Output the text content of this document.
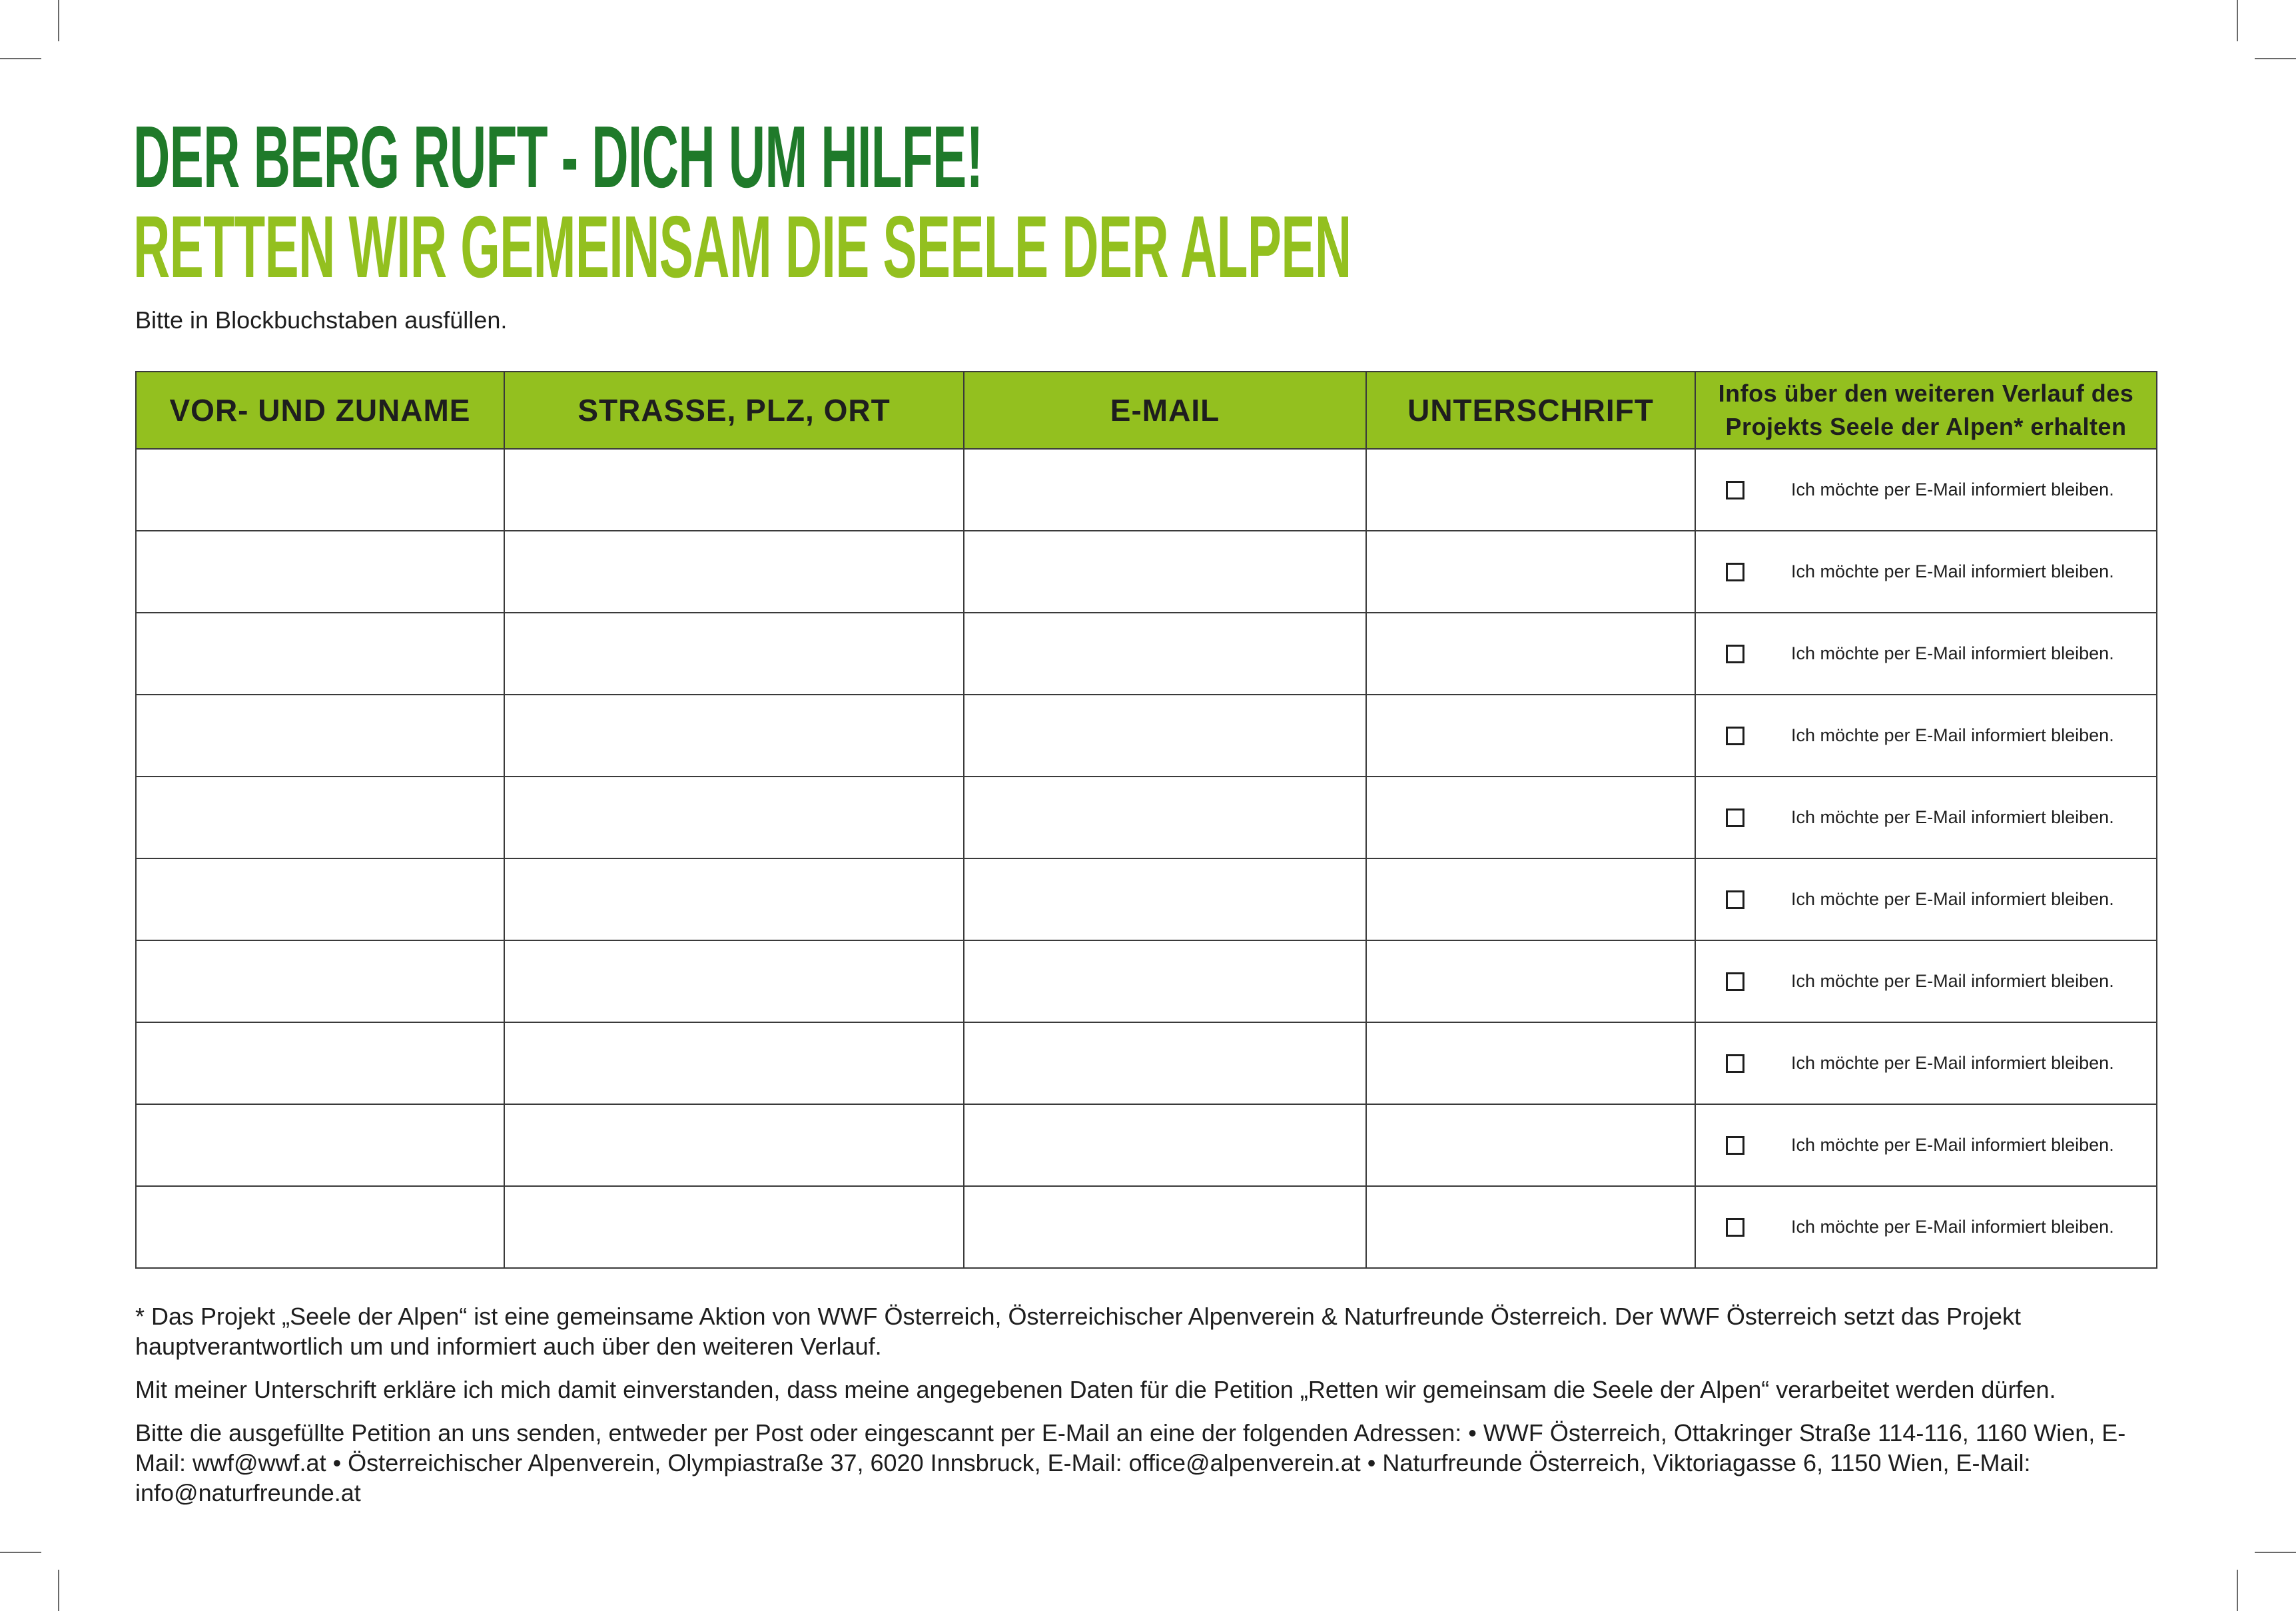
DER BERG RUFT - DICH UM HILFE!
RETTEN WIR GEMEINSAM DIE SEELE DER ALPEN
Bitte in Blockbuchstaben ausfüllen.
VOR- UND ZUNAME	STRASSE, PLZ, ORT	E-MAIL	UNTERSCHRIFT	Infos über den weiteren Verlauf des Projekts Seele der Alpen* erhalten

				Ich möchte per E-Mail informiert bleiben.

				Ich möchte per E-Mail informiert bleiben.

				Ich möchte per E-Mail informiert bleiben.

				Ich möchte per E-Mail informiert bleiben.

				Ich möchte per E-Mail informiert bleiben.

				Ich möchte per E-Mail informiert bleiben.

				Ich möchte per E-Mail informiert bleiben.

				Ich möchte per E-Mail informiert bleiben.

				Ich möchte per E-Mail informiert bleiben.

				Ich möchte per E-Mail informiert bleiben.

* Das Projekt „Seele der Alpen“ ist eine gemeinsame Aktion von WWF Österreich, Österreichischer Alpenverein & Naturfreunde Österreich. Der WWF Österreich setzt das Projekt hauptverantwortlich um und informiert auch über den weiteren Verlauf.

Mit meiner Unterschrift erkläre ich mich damit einverstanden, dass meine angegebenen Daten für die Petition „Retten wir gemeinsam die Seele der Alpen“ verarbeitet werden dürfen.

Bitte die ausgefüllte Petition an uns senden, entweder per Post oder eingescannt per E-Mail an eine der folgenden Adressen: • WWF Österreich, Ottakringer Straße 114-116, 1160 Wien, E-Mail: wwf@wwf.at • Österreichischer Alpenverein, Olympiastraße 37, 6020 Innsbruck, E-Mail: office@alpenverein.at • Naturfreunde Österreich, Viktoriagasse 6, 1150 Wien, E-Mail: info@naturfreunde.at
